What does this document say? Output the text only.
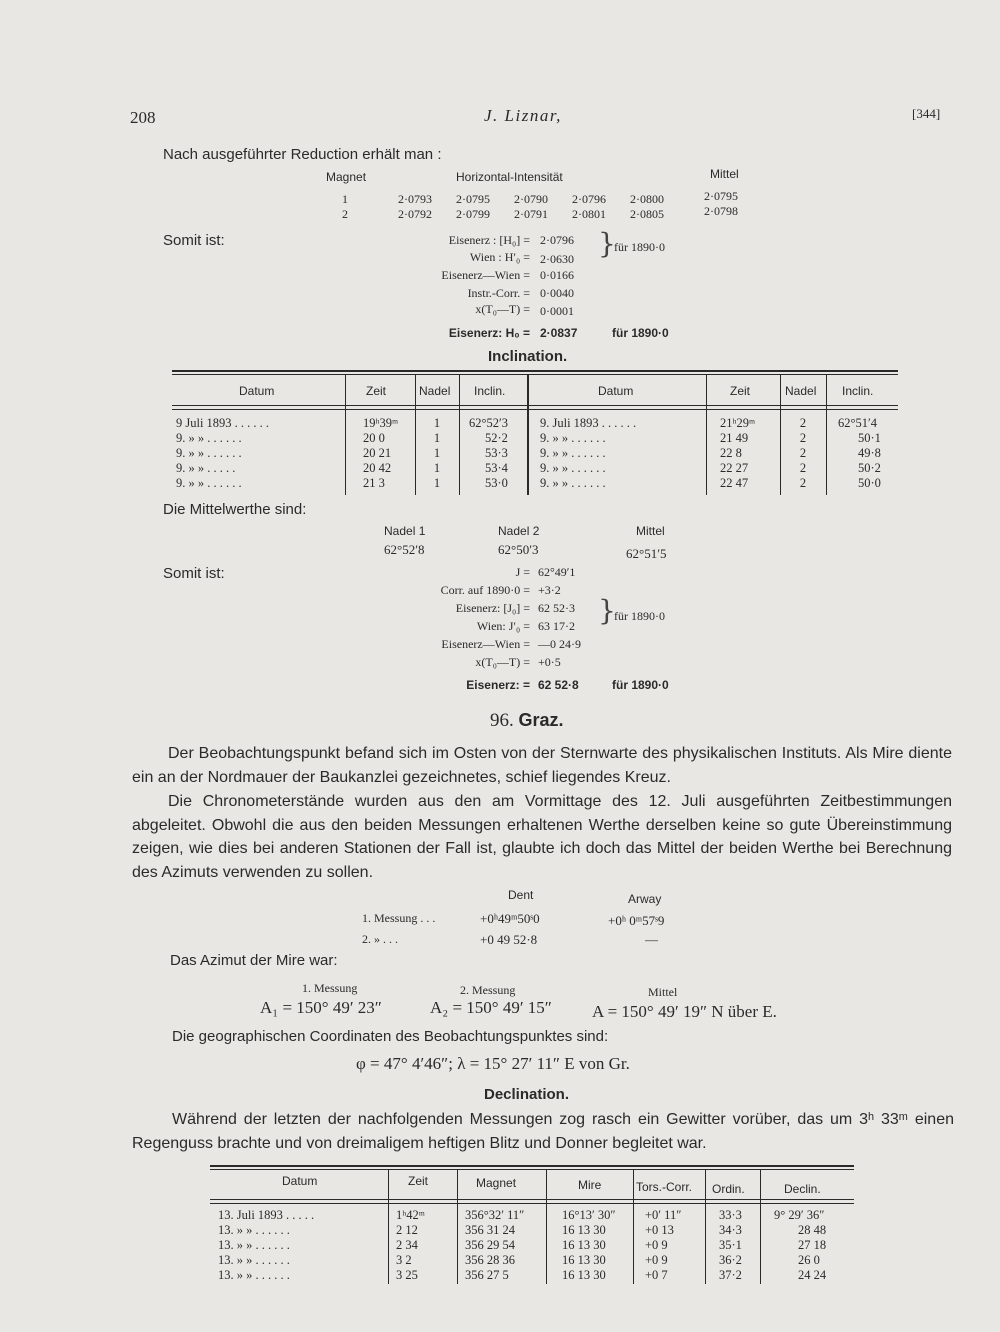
208	J. Liznar,	[344]
Nach ausgeführter Reduction erhält man :
Magnet	Horizontal-Intensität	Mittel
1	2·0793 2·0795 2·0790 2·0796 2·0800	2·0795
2	2·0792 2·0799 2·0791 2·0801 2·0805	2·0798
Somit ist:	Eisenerz : [H₀] = 2·0796
Wien : H′₀ = 2·0630
Eisenerz—Wien = 0·0166
Instr.-Corr. = 0·0040
x(T₀—T) = 0·0001
}
für 1890·0
Eisenerz: H₀ = 2·0837	für 1890·0
Inclination.
Datum	Zeit	Nadel Inclin.	Datum	Zeit	Nadel Inclin.
9 Juli 1893 . . . . . .	19ʰ39ᵐ	1	62°52ʹ3
9. » » . . . . . .	20 0	1	52·2
9. » » . . . . . .	20 21	1	53·3
9. » » . . . . .	20 42	1	53·4
9. » » . . . . . .	21 3	1	53·0
9. Juli 1893 . . . . . .	21ʰ29ᵐ	2	62°51ʹ4
9. » » . . . . . .	21 49	2	50·1
9. » » . . . . . .	22 8	2	49·8
9. » » . . . . . .	22 27	2	50·2
9. » » . . . . . .	22 47	2	50·0
Die Mittelwerthe sind:
Nadel 1	Nadel 2	Mittel
62°52ʹ8	62°50ʹ3	62°51ʹ5
Somit ist:	J = 62°49ʹ1
Corr. auf 1890·0 = +3·2
Eisenerz: [J₀] = 62 52·3
Wien: J′₀ = 63 17·2
Eisenerz—Wien = —0 24·9
x(T₀—T) = +0·5
}
für 1890·0
Eisenerz: = 62 52·8	für 1890·0
96. Graz.
Der Beobachtungspunkt befand sich im Osten von der Sternwarte des physikalischen Instituts. Als Mire diente ein an der Nordmauer der Baukanzlei gezeichnetes, schief liegendes Kreuz.
Die Chronometerstände wurden aus den am Vormittage des 12. Juli ausgeführten Zeitbestimmungen abgeleitet. Obwohl die aus den beiden Messungen erhaltenen Werthe derselben keine so gute Übereinstimmung zeigen, wie dies bei anderen Stationen der Fall ist, glaubte ich doch das Mittel der beiden Werthe bei Berechnung des Azimuts verwenden zu sollen.
Dent	Arway
1. Messung . . .	+0ʰ49ᵐ50ˢ0	+0ʰ 0ᵐ57ˢ9
2. » . . .	+0 49 52·8	—
Das Azimut der Mire war:
1. Messung	2. Messung	Mittel
A₁ = 150° 49′ 23″	A₂ = 150° 49′ 15″ A = 150° 49′ 19″ N über E.
Die geographischen Coordinaten des Beobachtungspunktes sind:
φ = 47° 4′46″; λ = 15° 27′ 11″ E von Gr.
Declination.
Während der letzten der nachfolgenden Messungen zog rasch ein Gewitter vorüber, das um 3ʰ 33ᵐ einen Regenguss brachte und von dreimaligem heftigen Blitz und Donner begleitet war.
Datum	Zeit	Magnet	Mire	Tors.-Corr. Ordin.	Declin.
13. Juli 1893 . . . . .	1ʰ42ᵐ	356°32′ 11″	16°13′ 30″	+0′ 11″	33·3	9° 29′ 36″
13. » » . . . . . .	2 12	356 31 24	16 13 30	+0 13	34·3	28 48
13. » » . . . . . .	2 34	356 29 54	16 13 30	+0 9	35·1	27 18
13. » » . . . . . .	3 2	356 28 36	16 13 30	+0 9	36·2	26 0
13. » » . . . . . .	3 25	356 27 5	16 13 30	+0 7	37·2	24 24
